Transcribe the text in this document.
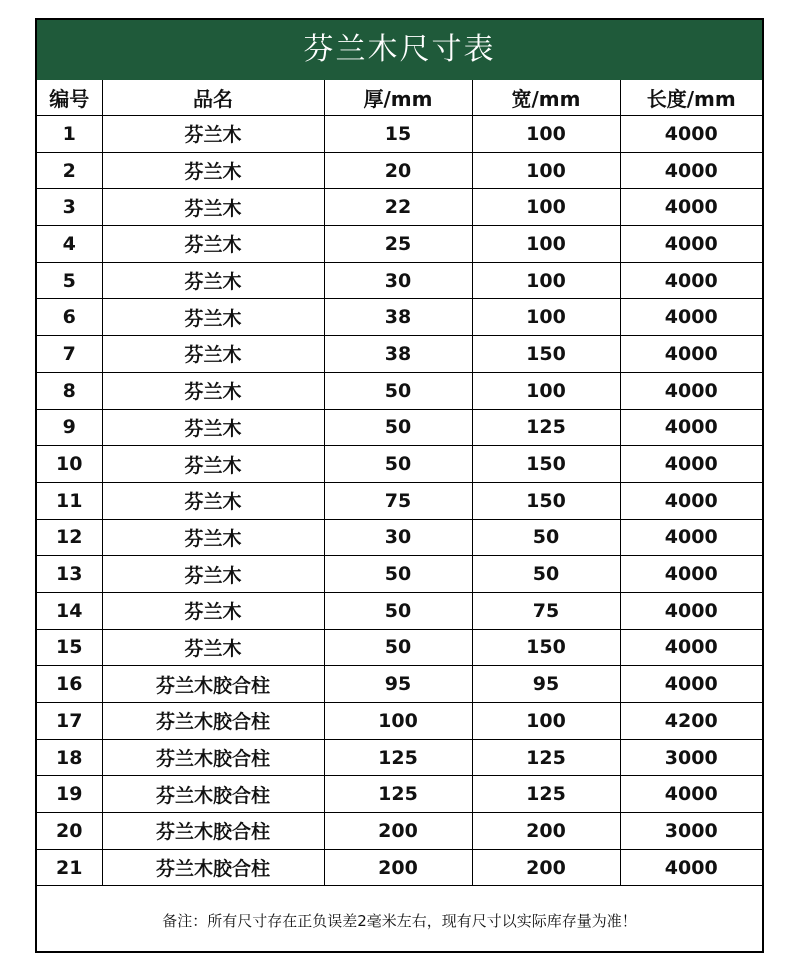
芬兰木尺寸表
编号	品名	厚/mm	宽/mm	长度/mm
1	芬兰木	15	100	4000
2	芬兰木	20	100	4000
3	芬兰木	22	100	4000
4	芬兰木	25	100	4000
5	芬兰木	30	100	4000
6	芬兰木	38	100	4000
7	芬兰木	38	150	4000
8	芬兰木	50	100	4000
9	芬兰木	50	125	4000
10	芬兰木	50	150	4000
11	芬兰木	75	150	4000
12	芬兰木	30	50	4000
13	芬兰木	50	50	4000
14	芬兰木	50	75	4000
15	芬兰木	50	150	4000
16	芬兰木胶合柱	95	95	4000
17	芬兰木胶合柱	100	100	4200
18	芬兰木胶合柱	125	125	3000
19	芬兰木胶合柱	125	125	4000
20	芬兰木胶合柱	200	200	3000
21	芬兰木胶合柱	200	200	4000
备注：所有尺寸存在正负误差2毫米左右，现有尺寸以实际库存量为准！
